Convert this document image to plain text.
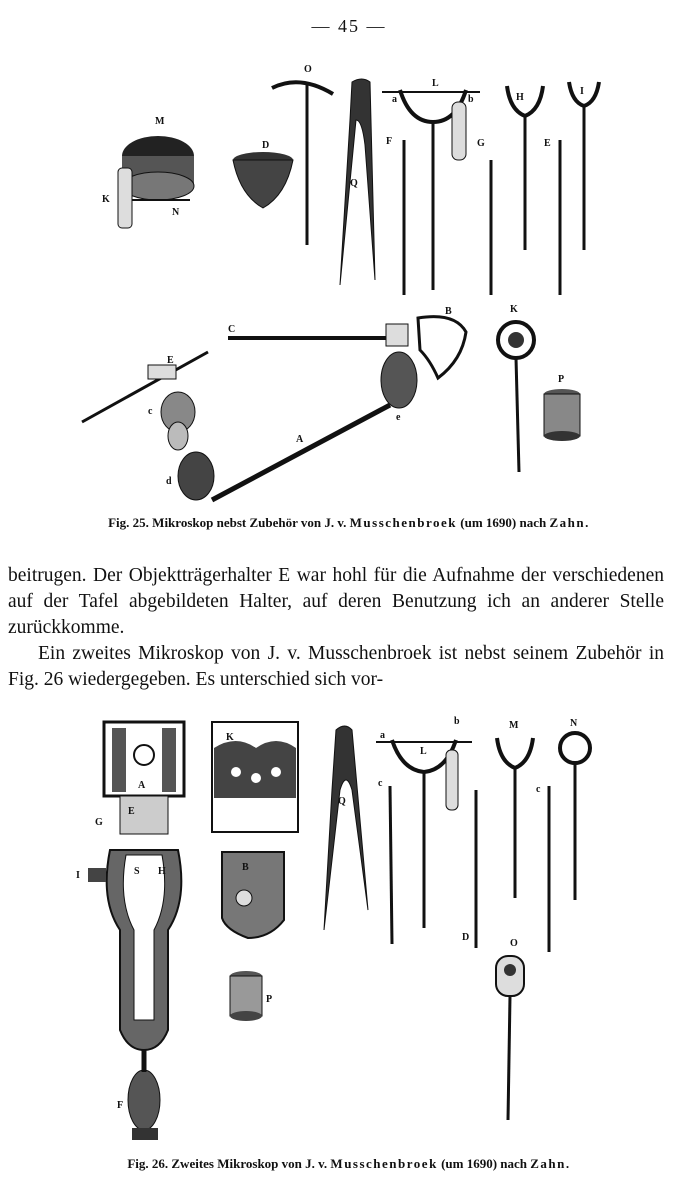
— 45 —
M
K
N
D
O
Q
L
a	b
F	G
H
I
E
C
B
E
c
A
d
e
K
P
Fig. 25. Mikroskop nebst Zubehör von J. v. Musschenbroek (um 1690) nach Zahn.

beitrugen. Der Objektträgerhalter E war hohl für die Aufnahme der verschiedenen auf der Tafel abgebildeten Halter, auf deren Benutzung ich an anderer Stelle zurückkomme.

Ein zweites Mikroskop von J. v. Musschenbroek ist nebst seinem Zubehör in Fig. 26 wiedergegeben. Es unterschied sich vor-

A
E
G
I	S H
F
K
B
P
Q
a
b
L
c
D
M
c
N
O
Fig. 26. Zweites Mikroskop von J. v. Musschenbroek (um 1690) nach Zahn.
